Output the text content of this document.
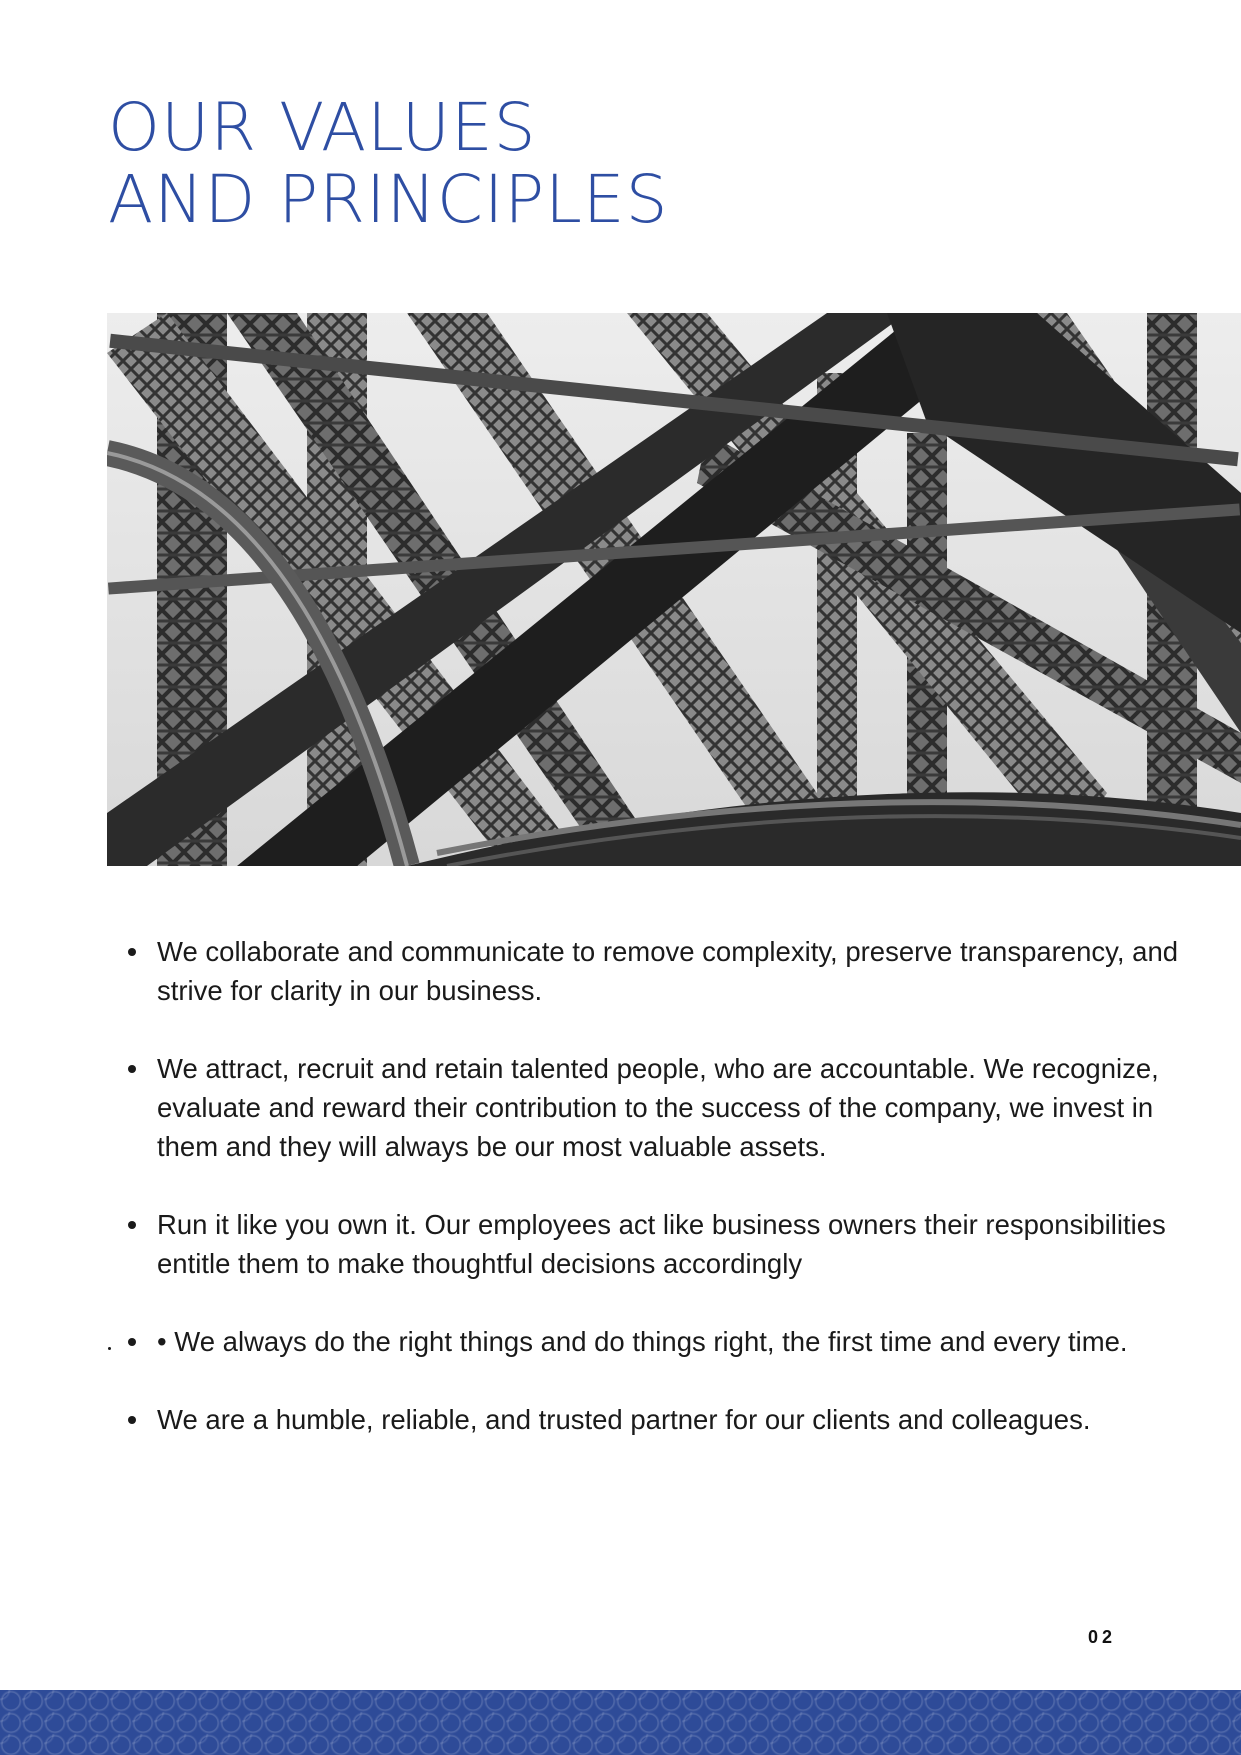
OUR VALUES
AND PRINCIPLES
We collaborate and communicate to remove complexity, preserve transparency, and strive for clarity in our business.
We attract, recruit and retain talented people, who are accountable. We recognize, evaluate and reward their contribution to the success of the company, we invest in them and they will always be our most valuable assets.
Run it like you own it. Our employees act like business owners their responsibilities entitle them to make thoughtful decisions accordingly
• We always do the right things and do things right, the first time and every time.
We are a humble, reliable, and trusted partner for our clients and colleagues.
02
